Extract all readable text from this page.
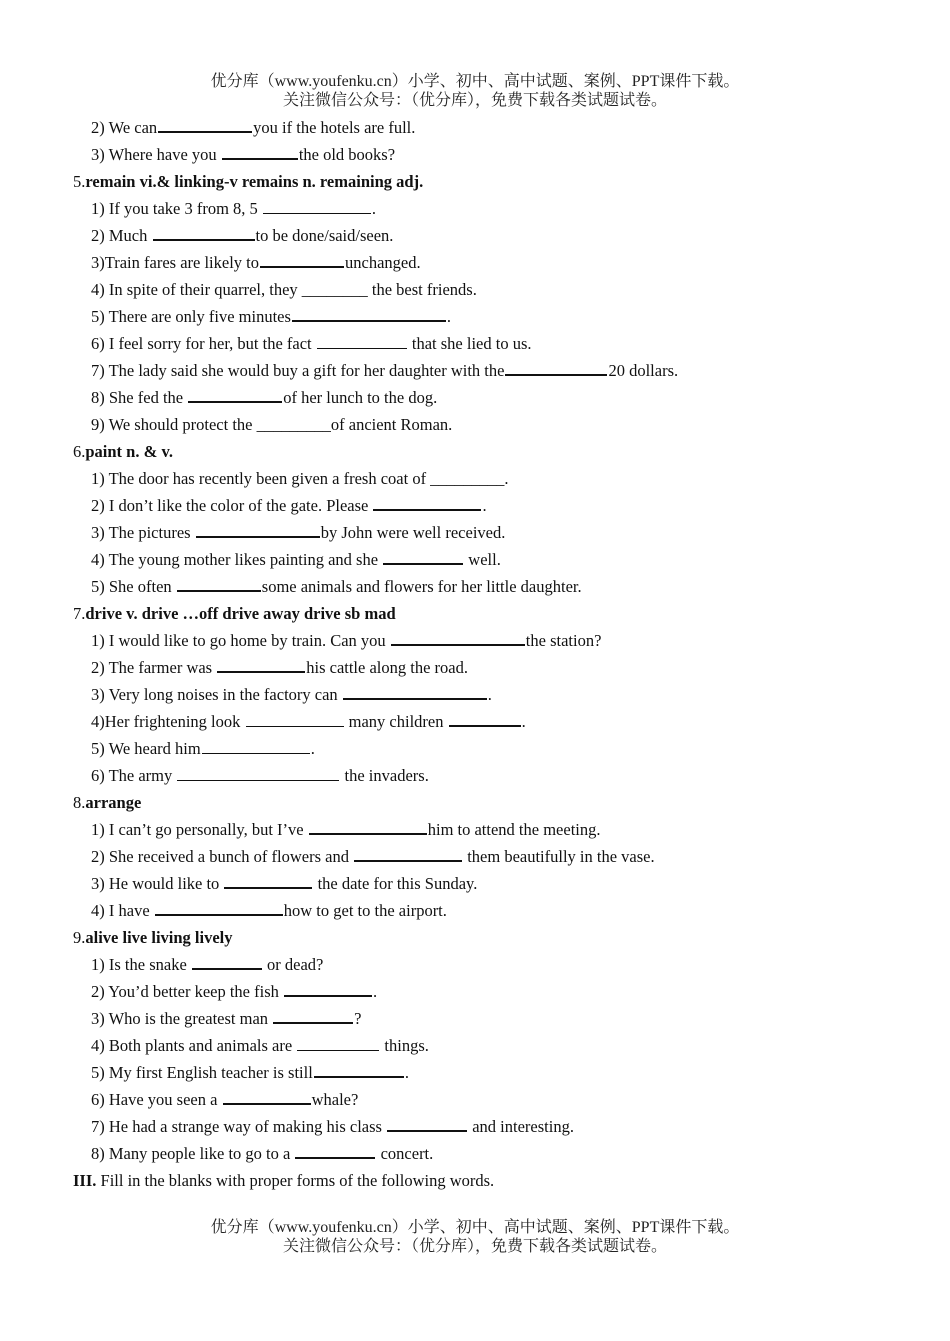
优分库（www.youfenku.cn）小学、初中、高中试题、案例、PPT课件下载。
关注微信公众号：（优分库），免费下载各类试题试卷。
2) We can	you if the hotels are full.
3) Where have you	the old books?
5.remain vi.& linking-v remains n. remaining adj.
1) If you take 3 from 8, 5	.
2) Much	to be done/said/seen.
3)Train fares are likely to	unchanged.
4) In spite of their quarrel, they ________ the best friends.
5) There are only five minutes	.
6) I feel sorry for her, but the fact	that she lied to us.
7) The lady said she would buy a gift for her daughter with the	20 dollars.
8) She fed the	of her lunch to the dog.
9) We should protect the _________of ancient Roman.
6.paint n. & v.
1) The door has recently been given a fresh coat of _________.
2) I don’t like the color of the gate. Please	.
3) The pictures	by John were well received.
4) The young mother likes painting and she	well.
5) She often	some animals and flowers for her little daughter.
7.drive v. drive …off drive away drive sb mad
1) I would like to go home by train. Can you	the station?
2) The farmer was	his cattle along the road.
3) Very long noises in the factory can	.
4)Her frightening look	many children	.
5) We heard him	.
6) The army	the invaders.
8.arrange
1) I can’t go personally, but I’ve	him to attend the meeting.
2) She received a bunch of flowers and	them beautifully in the vase.
3) He would like to	the date for this Sunday.
4) I have	how to get to the airport.
9.alive live living lively
1) Is the snake	or dead?
2) You’d better keep the fish	.
3) Who is the greatest man	?
4) Both plants and animals are	things.
5) My first English teacher is still	.
6) Have you seen a	whale?
7) He had a strange way of making his class	and interesting.
8) Many people like to go to a	concert.
III. Fill in the blanks with proper forms of the following words.
优分库（www.youfenku.cn）小学、初中、高中试题、案例、PPT课件下载。
关注微信公众号：（优分库），免费下载各类试题试卷。
